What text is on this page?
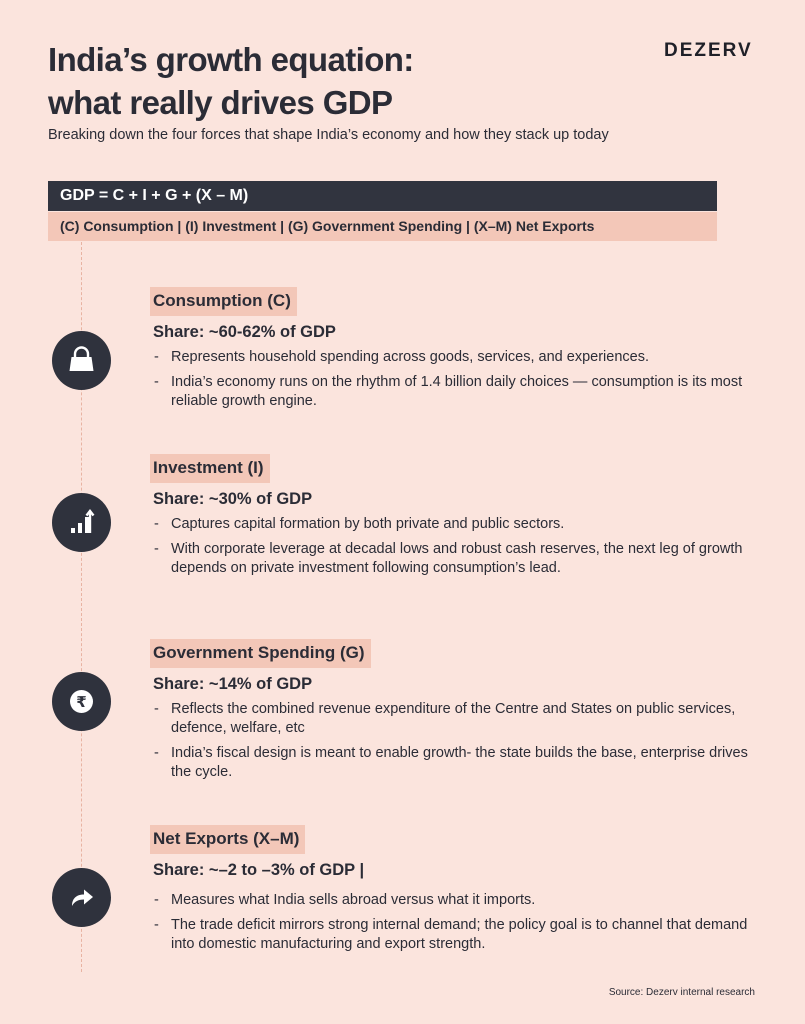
India’s growth equation:
what really drives GDP
DEZERV
Breaking down the four forces that shape India’s economy and how they stack up today
GDP = C + I + G + (X – M)
(C) Consumption | (I) Investment | (G) Government Spending | (X–M) Net Exports
₹
Consumption (C)
Share: ~60-62% of GDP
- Represents household spending across goods, services, and experiences.
- India’s economy runs on the rhythm of 1.4 billion daily choices — consumption is its most reliable growth engine.
Investment (I)
Share: ~30% of GDP
- Captures capital formation by both private and public sectors.
- With corporate leverage at decadal lows and robust cash reserves, the next leg of growth depends on private investment following consumption’s lead.
Government Spending (G)
Share: ~14% of GDP
- Reflects the combined revenue expenditure of the Centre and States on public services, defence, welfare, etc
- India’s fiscal design is meant to enable growth- the state builds the base, enterprise drives the cycle.
Net Exports (X–M)
Share: ~–2 to –3% of GDP |
- Measures what India sells abroad versus what it imports.
- The trade deficit mirrors strong internal demand; the policy goal is to channel that demand into domestic manufacturing and export strength.
Source: Dezerv internal research
